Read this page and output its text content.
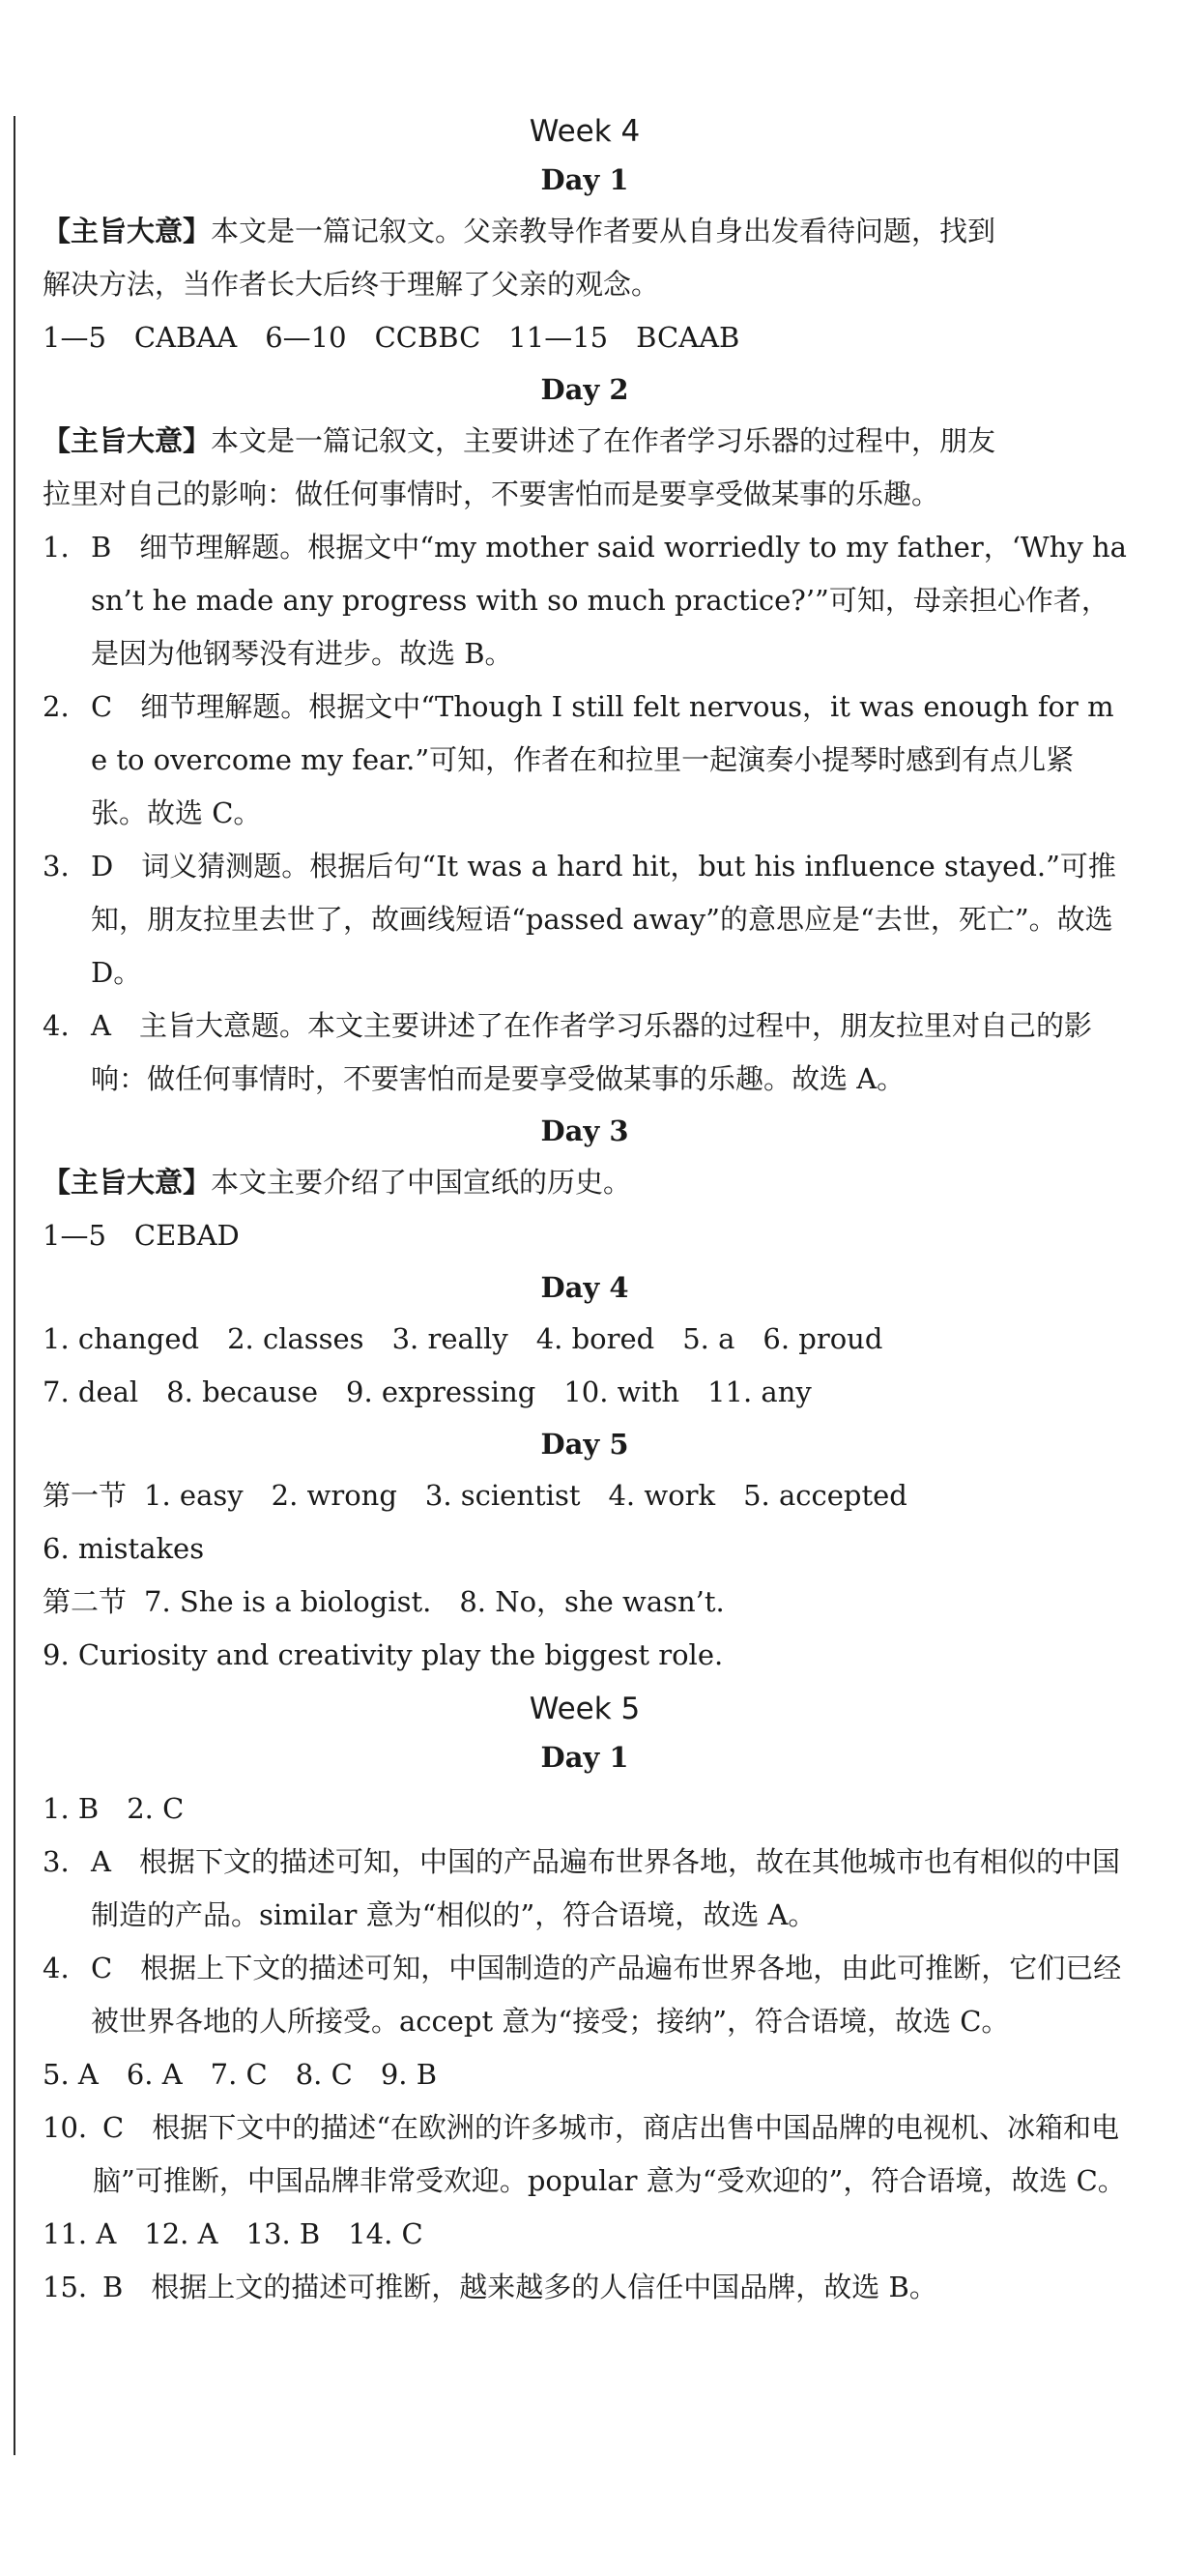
Week 4
Day 1
【主旨大意】本文是一篇记叙文。父亲教导作者要从自身出发看待问题，找到
解决方法，当作者长大后终于理解了父亲的观念。
1—5　CABAA　6—10　CCBBC　11—15　BCAAB
Day 2
【主旨大意】本文是一篇记叙文，主要讲述了在作者学习乐器的过程中，朋友
拉里对自己的影响：做任何事情时，不要害怕而是要享受做某事的乐趣。
1. B　细节理解题。根据文中“my mother said worriedly to my father，‘Why hasn’t he made any progress with so much practice?’”可知，母亲担心作者，是因为他钢琴没有进步。故选 B。
2. C　细节理解题。根据文中“Though I still felt nervous，it was enough for me to overcome my fear.”可知，作者在和拉里一起演奏小提琴时感到有点儿紧张。故选 C。
3. D　词义猜测题。根据后句“It was a hard hit，but his influence stayed.”可推知，朋友拉里去世了，故画线短语“passed away”的意思应是“去世，死亡”。故选 D。
4. A　主旨大意题。本文主要讲述了在作者学习乐器的过程中，朋友拉里对自己的影响：做任何事情时，不要害怕而是要享受做某事的乐趣。故选 A。
Day 3
【主旨大意】本文主要介绍了中国宣纸的历史。
1—5　CEBAD
Day 4
1. changed　2. classes　3. really　4. bored　5. a　6. proud
7. deal　8. because　9. expressing　10. with　11. any
Day 5
第一节 1. easy　2. wrong　3. scientist　4. work　5. accepted
6. mistakes
第二节 7. She is a biologist.　8. No，she wasn’t.
9. Curiosity and creativity play the biggest role.
Week 5
Day 1
1. B　2. C
3. A　根据下文的描述可知，中国的产品遍布世界各地，故在其他城市也有相似的中国制造的产品。similar 意为“相似的”，符合语境，故选 A。
4. C　根据上下文的描述可知，中国制造的产品遍布世界各地，由此可推断，它们已经被世界各地的人所接受。accept 意为“接受；接纳”，符合语境，故选 C。
5. A　6. A　7. C　8. C　9. B
10. C　根据下文中的描述“在欧洲的许多城市，商店出售中国品牌的电视机、冰箱和电脑”可推断，中国品牌非常受欢迎。popular 意为“受欢迎的”，符合语境，故选 C。
11. A　12. A　13. B　14. C
15. B　根据上文的描述可推断，越来越多的人信任中国品牌，故选 B。
